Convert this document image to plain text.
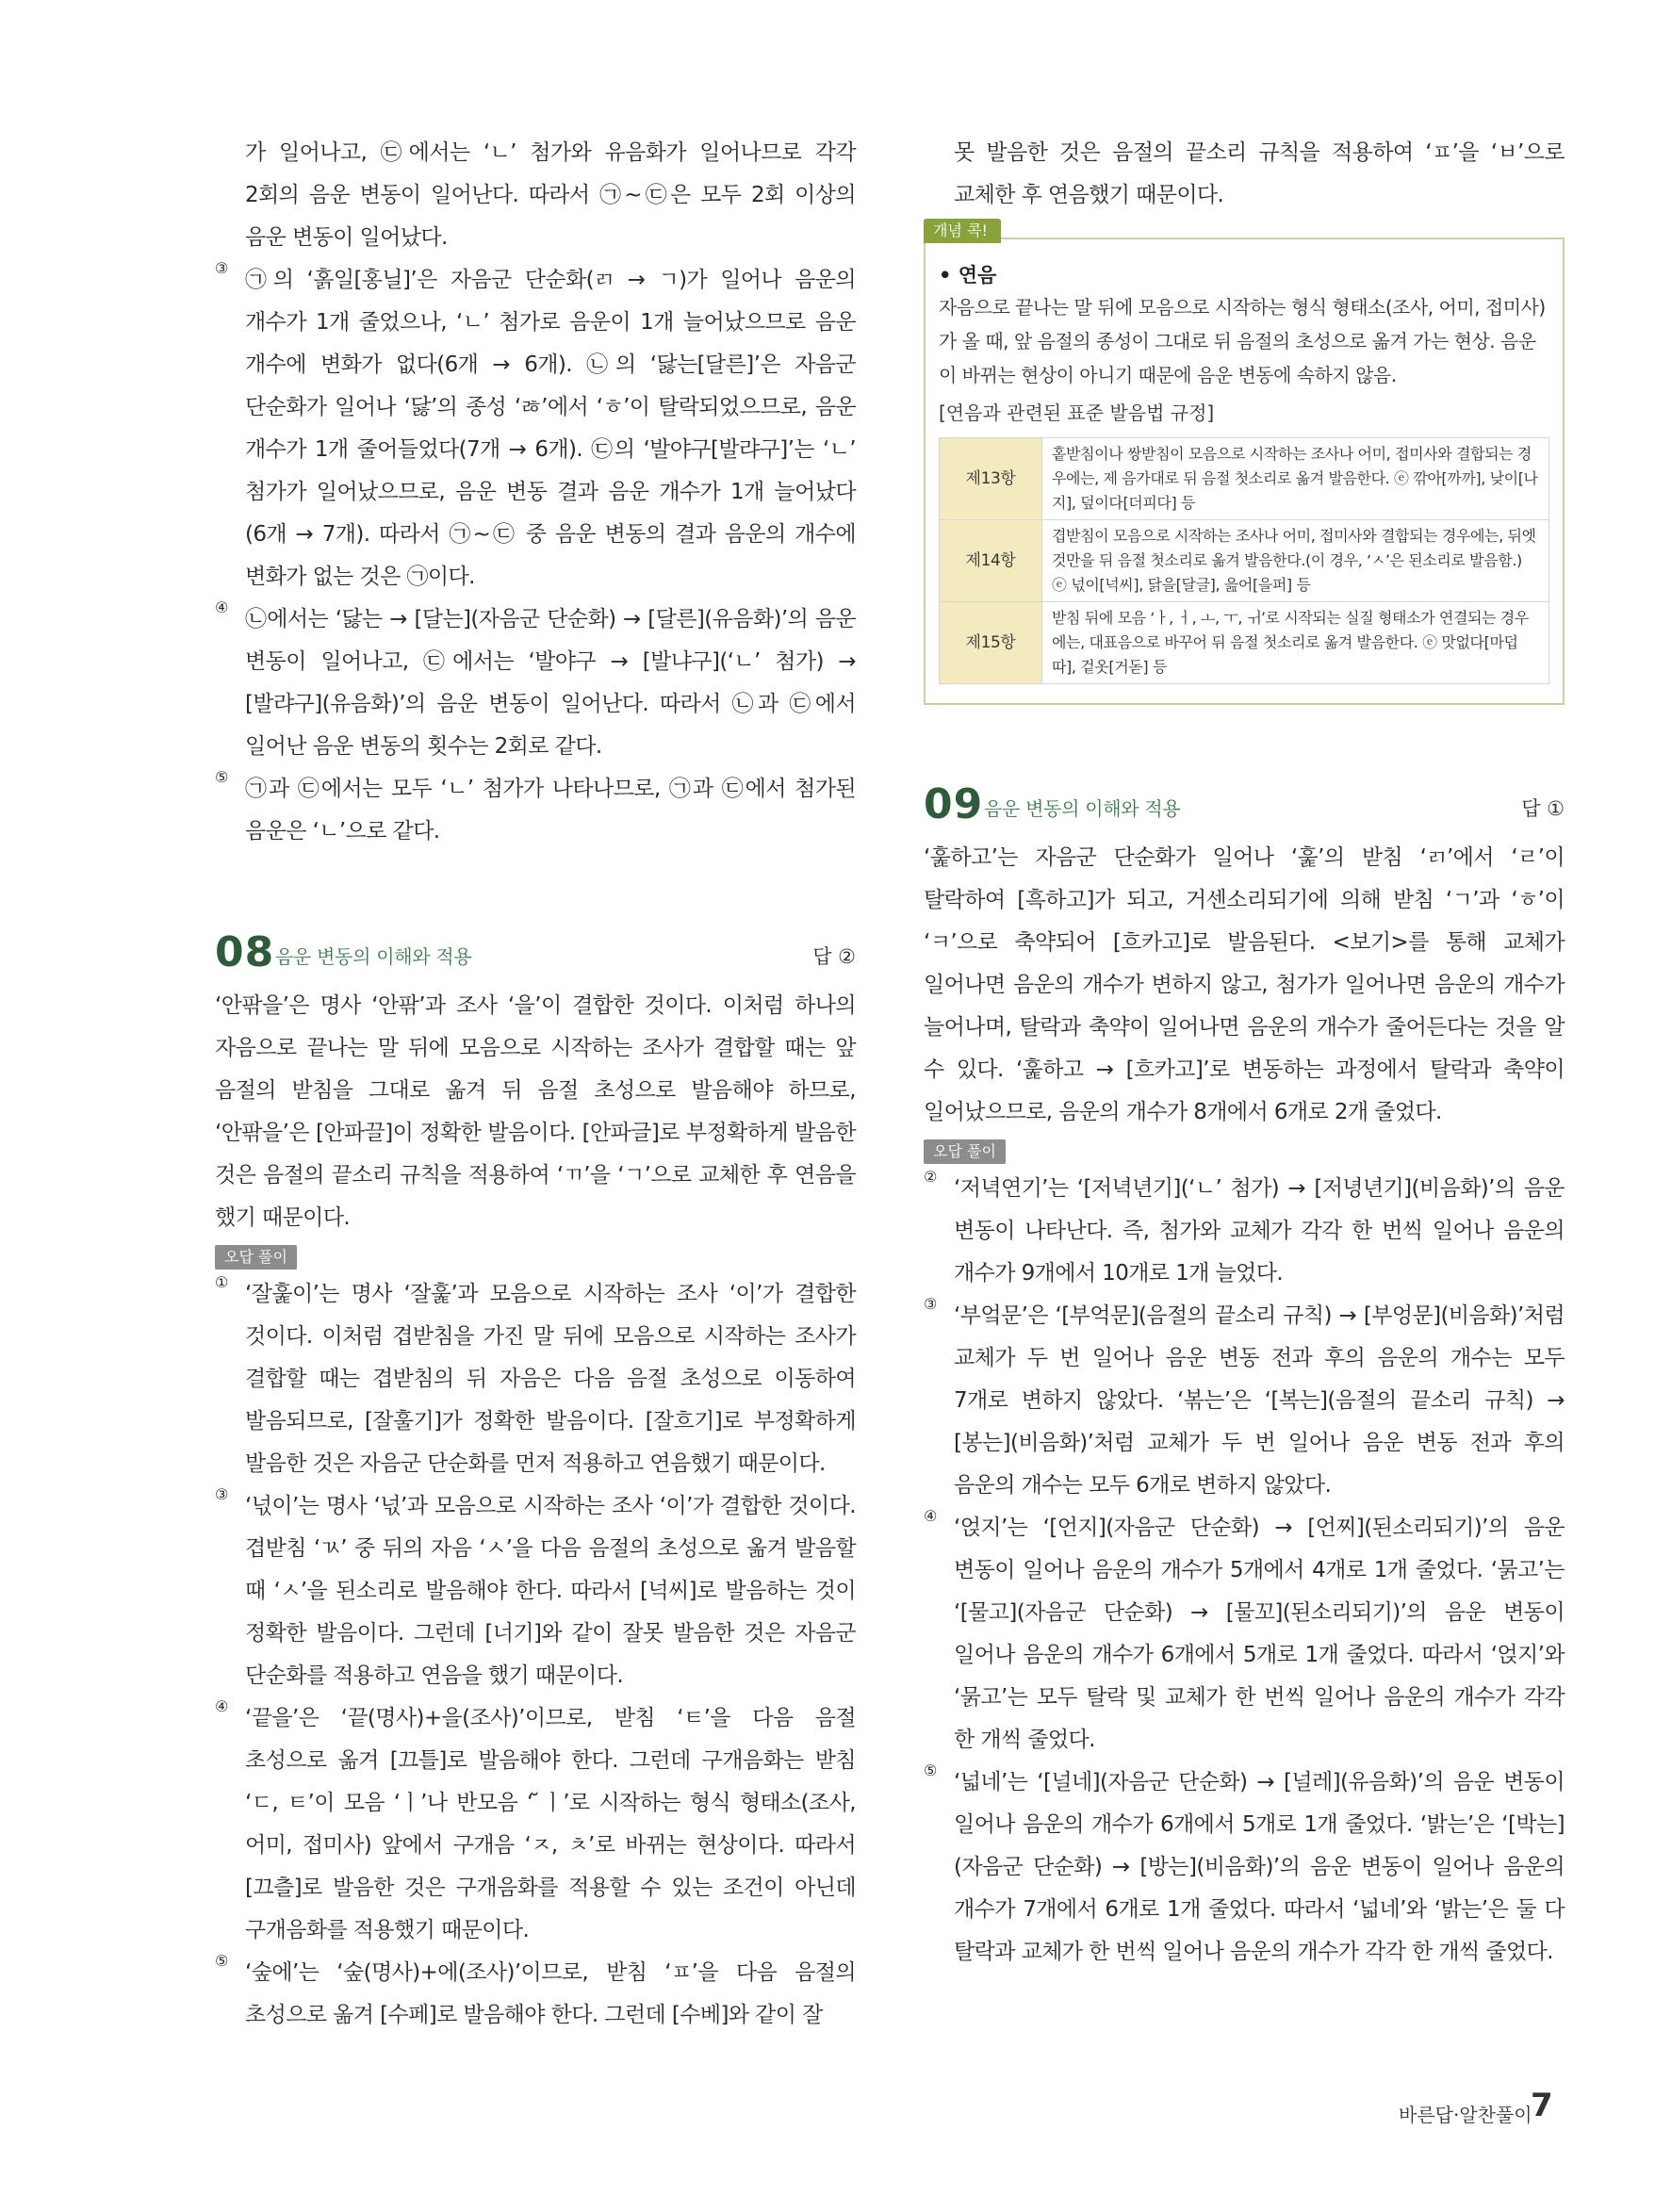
가 일어나고, ㉢에서는 ‘ㄴ’ 첨가와 유음화가 일어나므로 각각 2회의 음운 변동이 일어난다. 따라서 ㉠~㉢은 모두 2회 이상의 음운 변동이 일어났다.

③ ㉠의 ‘홁일[홍닐]’은 자음군 단순화(ㄺ → ㄱ)가 일어나 음운의 개수가 1개 줄었으나, ‘ㄴ’ 첨가로 음운이 1개 늘어났으므로 음운 개수에 변화가 없다(6개 → 6개). ㉡의 ‘닳는[달른]’은 자음군 단순화가 일어나 ‘닳’의 종성 ‘ㅀ’에서 ‘ㅎ’이 탈락되었으므로, 음운 개수가 1개 줄어들었다(7개 → 6개). ㉢의 ‘발야구[발랴구]’는 ‘ㄴ’ 첨가가 일어났으므로, 음운 변동 결과 음운 개수가 1개 늘어났다(6개 → 7개). 따라서 ㉠~㉢ 중 음운 변동의 결과 음운의 개수에 변화가 없는 것은 ㉠이다.

④ ㉡에서는 ‘닳는 → [달는](자음군 단순화) → [달른](유음화)’의 음운 변동이 일어나고, ㉢에서는 ‘발야구 → [발냐구](‘ㄴ’ 첨가) → [발랴구](유음화)’의 음운 변동이 일어난다. 따라서 ㉡과 ㉢에서 일어난 음운 변동의 횟수는 2회로 같다.

⑤ ㉠과 ㉢에서는 모두 ‘ㄴ’ 첨가가 나타나므로, ㉠과 ㉢에서 첨가된 음운은 ‘ㄴ’으로 같다.

08 음운 변동의 이해와 적용	답 ②

‘안팎을’은 명사 ‘안팎’과 조사 ‘을’이 결합한 것이다. 이처럼 하나의 자음으로 끝나는 말 뒤에 모음으로 시작하는 조사가 결합할 때는 앞 음절의 받침을 그대로 옮겨 뒤 음절 초성으로 발음해야 하므로, ‘안팎을’은 [안파끌]이 정확한 발음이다. [안파글]로 부정확하게 발음한 것은 음절의 끝소리 규칙을 적용하여 ‘ㄲ’을 ‘ㄱ’으로 교체한 후 연음을 했기 때문이다.

오답 풀이
① ‘잘훑이’는 명사 ‘잘훑’과 모음으로 시작하는 조사 ‘이’가 결합한 것이다. 이처럼 겹받침을 가진 말 뒤에 모음으로 시작하는 조사가 결합할 때는 겹받침의 뒤 자음은 다음 음절 초성으로 이동하여 발음되므로, [잘훌기]가 정확한 발음이다. [잘흐기]로 부정확하게 발음한 것은 자음군 단순화를 먼저 적용하고 연음했기 때문이다.

③ ‘넋이’는 명사 ‘넋’과 모음으로 시작하는 조사 ‘이’가 결합한 것이다. 겹받침 ‘ㄳ’ 중 뒤의 자음 ‘ㅅ’을 다음 음절의 초성으로 옮겨 발음할 때 ‘ㅅ’을 된소리로 발음해야 한다. 따라서 [넉씨]로 발음하는 것이 정확한 발음이다. 그런데 [너기]와 같이 잘못 발음한 것은 자음군 단순화를 적용하고 연음을 했기 때문이다.

④ ‘끝을’은 ‘끝(명사)+을(조사)’이므로, 받침 ‘ㅌ’을 다음 음절 초성으로 옮겨 [끄틀]로 발음해야 한다. 그런데 구개음화는 받침 ‘ㄷ, ㅌ’이 모음 ‘ㅣ’나 반모음 ‘ ̆ㅣ’로 시작하는 형식 형태소(조사, 어미, 접미사) 앞에서 구개음 ‘ㅈ, ㅊ’로 바뀌는 현상이다. 따라서 [끄츨]로 발음한 것은 구개음화를 적용할 수 있는 조건이 아닌데 구개음화를 적용했기 때문이다.

⑤ ‘숲에’는 ‘숲(명사)+에(조사)’이므로, 받침 ‘ㅍ’을 다음 음절의 초성으로 옮겨 [수페]로 발음해야 한다. 그런데 [수베]와 같이 잘

못 발음한 것은 음절의 끝소리 규칙을 적용하여 ‘ㅍ’을 ‘ㅂ’으로 교체한 후 연음했기 때문이다.

개념 콕!
• 연음
자음으로 끝나는 말 뒤에 모음으로 시작하는 형식 형태소(조사, 어미, 접미사)가 올 때, 앞 음절의 종성이 그대로 뒤 음절의 초성으로 옮겨 가는 현상. 음운이 바뀌는 현상이 아니기 때문에 음운 변동에 속하지 않음.
[연음과 관련된 표준 발음법 규정]
제13항	홑받침이나 쌍받침이 모음으로 시작하는 조사나 어미, 접미사와 결합되는 경우에는, 제 음가대로 뒤 음절 첫소리로 옮겨 발음한다. ⓔ 깎아[까까], 낮이[나지], 덮이다[더피다] 등
제14항	겹받침이 모음으로 시작하는 조사나 어미, 접미사와 결합되는 경우에는, 뒤엣것만을 뒤 음절 첫소리로 옮겨 발음한다.(이 경우, ‘ㅅ’은 된소리로 발음함.) ⓔ 넋이[넉씨], 닭을[달글], 읊어[을퍼] 등
제15항	받침 뒤에 모음 ‘ㅏ, ㅓ, ㅗ, ㅜ, ㅟ’로 시작되는 실질 형태소가 연결되는 경우에는, 대표음으로 바꾸어 뒤 음절 첫소리로 옮겨 발음한다. ⓔ 맛없다[마덥따], 겉옷[거돋] 등
09 음운 변동의 이해와 적용	답 ①

‘훑하고’는 자음군 단순화가 일어나 ‘훑’의 받침 ‘ㄺ’에서 ‘ㄹ’이 탈락하여 [흑하고]가 되고, 거센소리되기에 의해 받침 ‘ㄱ’과 ‘ㅎ’이 ‘ㅋ’으로 축약되어 [흐카고]로 발음된다. <보기>를 통해 교체가 일어나면 음운의 개수가 변하지 않고, 첨가가 일어나면 음운의 개수가 늘어나며, 탈락과 축약이 일어나면 음운의 개수가 줄어든다는 것을 알 수 있다. ‘훑하고 → [흐카고]’로 변동하는 과정에서 탈락과 축약이 일어났으므로, 음운의 개수가 8개에서 6개로 2개 줄었다.

오답 풀이
② ‘저녁연기’는 ‘[저녁년기](‘ㄴ’ 첨가) → [저녕년기](비음화)’의 음운 변동이 나타난다. 즉, 첨가와 교체가 각각 한 번씩 일어나 음운의 개수가 9개에서 10개로 1개 늘었다.

③ ‘부엌문’은 ‘[부억문](음절의 끝소리 규칙) → [부엉문](비음화)’처럼 교체가 두 번 일어나 음운 변동 전과 후의 음운의 개수는 모두 7개로 변하지 않았다. ‘볶는’은 ‘[복는](음절의 끝소리 규칙) → [봉는](비음화)’처럼 교체가 두 번 일어나 음운 변동 전과 후의 음운의 개수는 모두 6개로 변하지 않았다.

④ ‘얹지’는 ‘[언지](자음군 단순화) → [언찌](된소리되기)’의 음운 변동이 일어나 음운의 개수가 5개에서 4개로 1개 줄었다. ‘묽고’는 ‘[물고](자음군 단순화) → [물꼬](된소리되기)’의 음운 변동이 일어나 음운의 개수가 6개에서 5개로 1개 줄었다. 따라서 ‘얹지’와 ‘묽고’는 모두 탈락 및 교체가 한 번씩 일어나 음운의 개수가 각각 한 개씩 줄었다.

⑤ ‘넓네’는 ‘[널네](자음군 단순화) → [널레](유음화)’의 음운 변동이 일어나 음운의 개수가 6개에서 5개로 1개 줄었다. ‘밝는’은 ‘[박는](자음군 단순화) → [방는](비음화)’의 음운 변동이 일어나 음운의 개수가 7개에서 6개로 1개 줄었다. 따라서 ‘넓네’와 ‘밝는’은 둘 다 탈락과 교체가 한 번씩 일어나 음운의 개수가 각각 한 개씩 줄었다.

바른답·알찬풀이
7
